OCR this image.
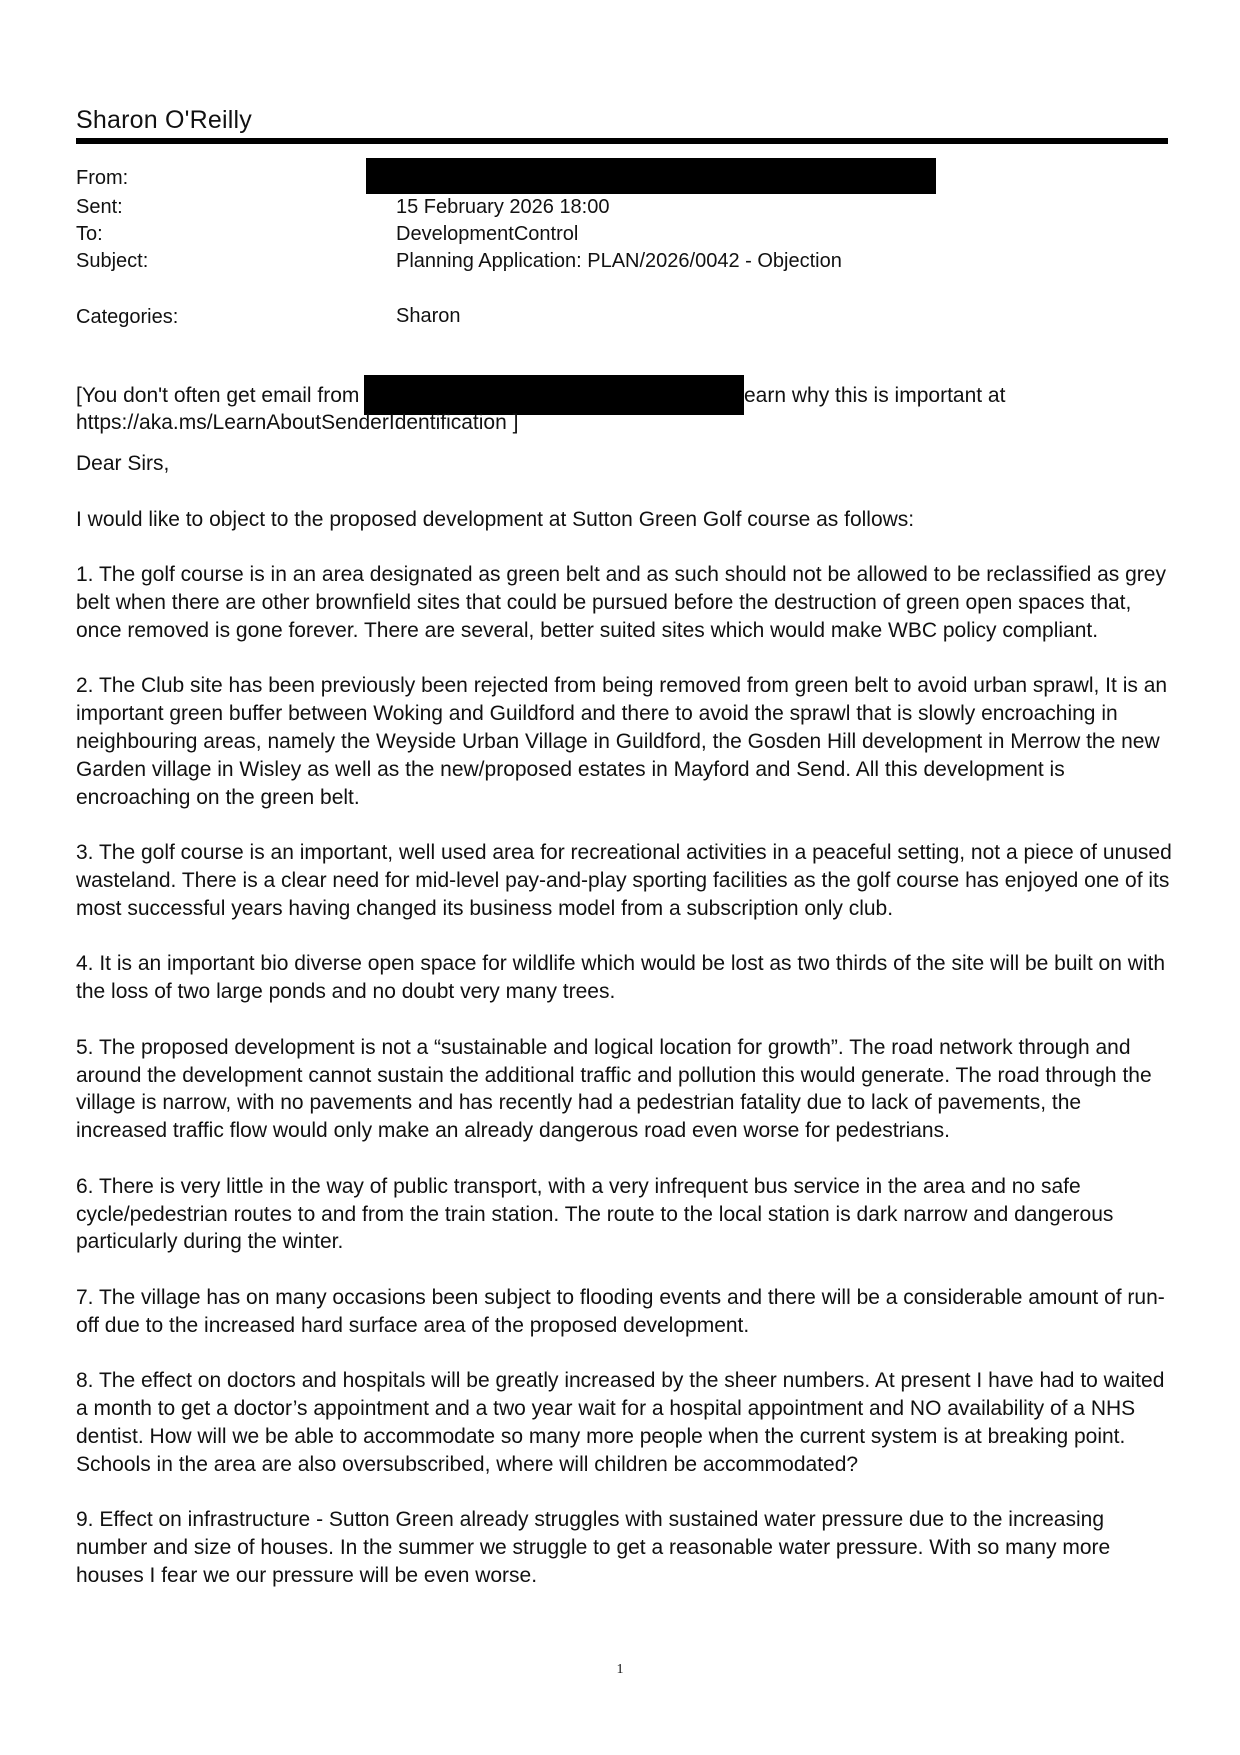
Sharon O'Reilly
From:
Sent:	15 February 2026 18:00
To:	DevelopmentControl
Subject:	Planning Application: PLAN/2026/0042 - Objection
Categories:	Sharon
[You don't often get email from	earn why this is important at
https://aka.ms/LearnAboutSenderIdentification ]

Dear Sirs,

I would like to object to the proposed development at Sutton Green Golf course as follows:

1. The golf course is in an area designated as green belt and as such should not be allowed to be reclassified as grey belt when there are other brownfield sites that could be pursued before the destruction of green open spaces that, once removed is gone forever. There are several, better suited sites which would make WBC policy compliant.

2. The Club site has been previously been rejected from being removed from green belt to avoid urban sprawl, It is an important green buffer between Woking and Guildford and there to avoid the sprawl that is slowly encroaching in neighbouring areas, namely the Weyside Urban Village in Guildford, the Gosden Hill development in Merrow the new Garden village in Wisley as well as the new/proposed estates in Mayford and Send. All this development is encroaching on the green belt.

3. The golf course is an important, well used area for recreational activities in a peaceful setting, not a piece of unused wasteland. There is a clear need for mid-level pay-and-play sporting facilities as the golf course has enjoyed one of its most successful years having changed its business model from a subscription only club.

4. It is an important bio diverse open space for wildlife which would be lost as two thirds of the site will be built on with the loss of two large ponds and no doubt very many trees.

5. The proposed development is not a “sustainable and logical location for growth”. The road network through and around the development cannot sustain the additional traffic and pollution this would generate. The road through the village is narrow, with no pavements and has recently had a pedestrian fatality due to lack of pavements, the increased traffic flow would only make an already dangerous road even worse for pedestrians.

6. There is very little in the way of public transport, with a very infrequent bus service in the area and no safe cycle/pedestrian routes to and from the train station. The route to the local station is dark narrow and dangerous particularly during the winter.

7. The village has on many occasions been subject to flooding events and there will be a considerable amount of run-off due to the increased hard surface area of the proposed development.

8. The effect on doctors and hospitals will be greatly increased by the sheer numbers. At present I have had to waited a month to get a doctor’s appointment and a two year wait for a hospital appointment and NO availability of a NHS dentist. How will we be able to accommodate so many more people when the current system is at breaking point. Schools in the area are also oversubscribed, where will children be accommodated?

9. Effect on infrastructure - Sutton Green already struggles with sustained water pressure due to the increasing number and size of houses. In the summer we struggle to get a reasonable water pressure. With so many more houses I fear we our pressure will be even worse.

1
